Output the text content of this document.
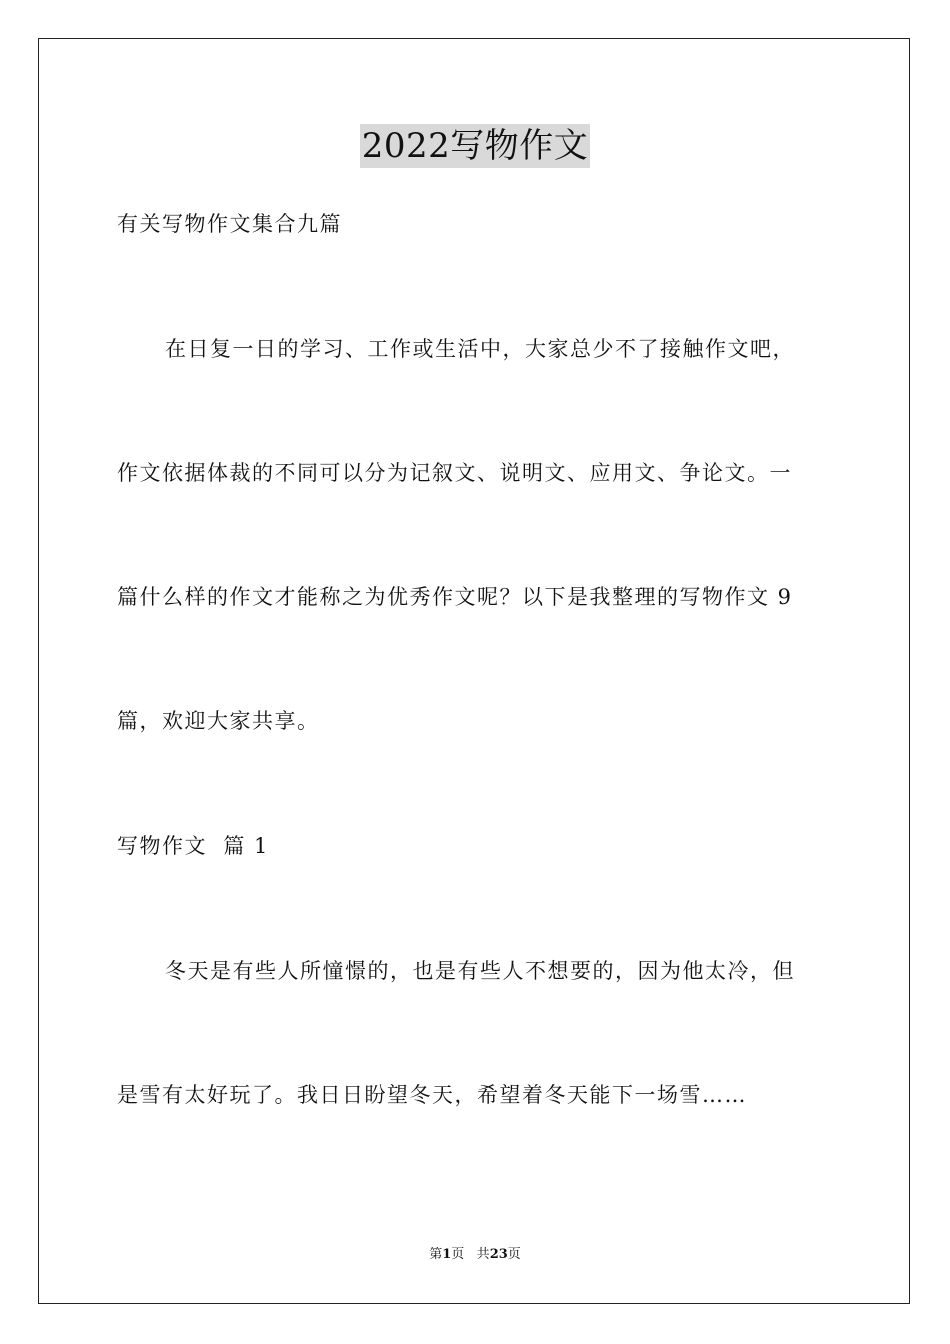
2022写物作文
有关写物作文集合九篇
在日复一日的学习、工作或生活中，大家总少不了接触作文吧，
作文依据体裁的不同可以分为记叙文、说明文、应用文、争论文。一
篇什么样的作文才能称之为优秀作文呢？以下是我整理的写物作文 9
篇，欢迎大家共享。
写物作文  篇 1
冬天是有些人所憧憬的，也是有些人不想要的，因为他太冷，但
是雪有太好玩了。我日日盼望冬天，希望着冬天能下一场雪……
第1页 共23页
